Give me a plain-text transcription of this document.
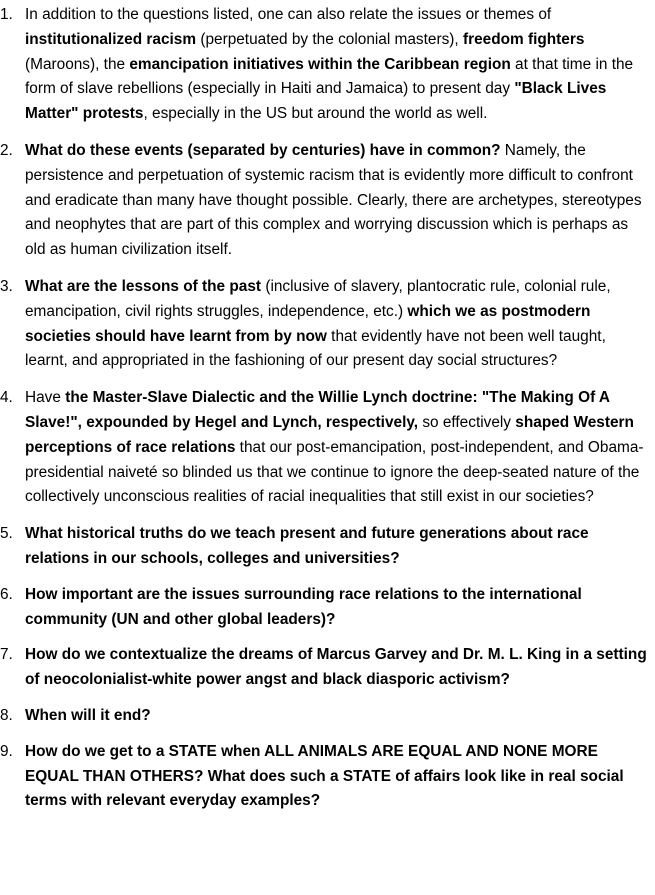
1. In addition to the questions listed, one can also relate the issues or themes of institutionalized racism (perpetuated by the colonial masters), freedom fighters (Maroons), the emancipation initiatives within the Caribbean region at that time in the form of slave rebellions (especially in Haiti and Jamaica) to present day "Black Lives Matter" protests, especially in the US but around the world as well.
2. What do these events (separated by centuries) have in common? Namely, the persistence and perpetuation of systemic racism that is evidently more difficult to confront and eradicate than many have thought possible. Clearly, there are archetypes, stereotypes and neophytes that are part of this complex and worrying discussion which is perhaps as old as human civilization itself.
3. What are the lessons of the past (inclusive of slavery, plantocratic rule, colonial rule, emancipation, civil rights struggles, independence, etc.) which we as postmodern societies should have learnt from by now that evidently have not been well taught, learnt, and appropriated in the fashioning of our present day social structures?
4. Have the Master-Slave Dialectic and the Willie Lynch doctrine: "The Making Of A Slave!", expounded by Hegel and Lynch, respectively, so effectively shaped Western perceptions of race relations that our post-emancipation, post-independent, and Obama-presidential naiveté so blinded us that we continue to ignore the deep-seated nature of the collectively unconscious realities of racial inequalities that still exist in our societies?
5. What historical truths do we teach present and future generations about race relations in our schools, colleges and universities?
6. How important are the issues surrounding race relations to the international community (UN and other global leaders)?
7. How do we contextualize the dreams of Marcus Garvey and Dr. M. L. King in a setting of neocolonialist-white power angst and black diasporic activism?
8. When will it end?
9. How do we get to a STATE when ALL ANIMALS ARE EQUAL AND NONE MORE EQUAL THAN OTHERS? What does such a STATE of affairs look like in real social terms with relevant everyday examples?
